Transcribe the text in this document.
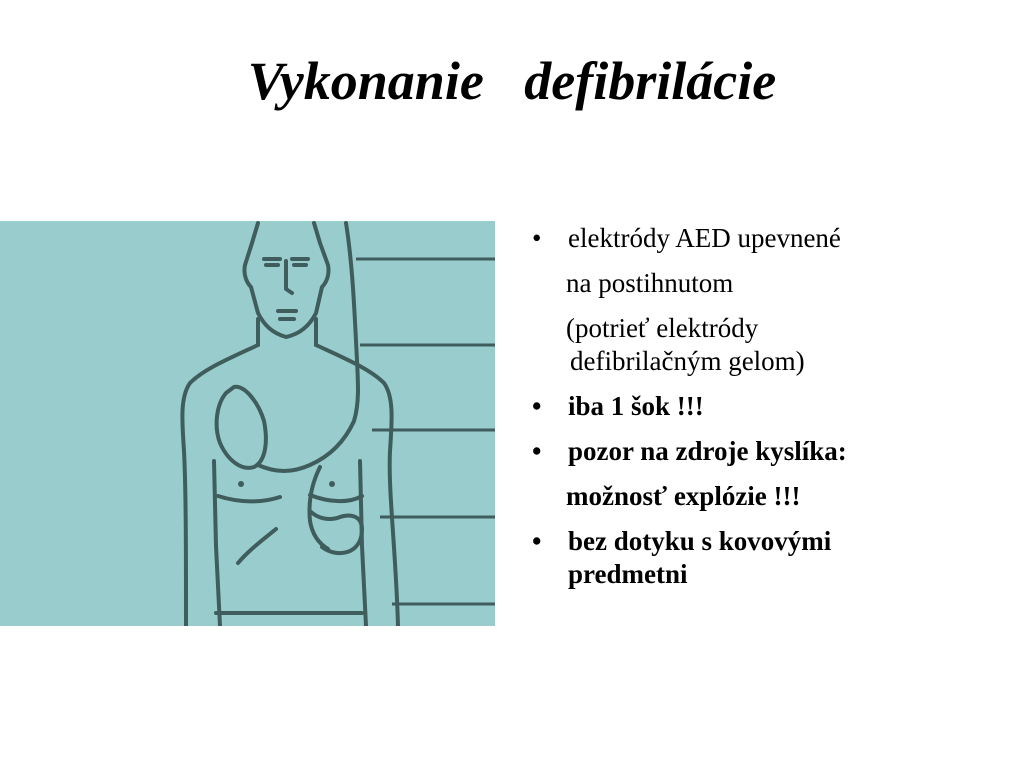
Vykonanie   defibrilácie
• elektródy AED upevnené
na postihnutom
(potrieť elektródy
defibrilačným gelom)
• iba 1 šok !!!
• pozor na zdroje kyslíka:
možnosť explózie !!!
• bez dotyku s kovovými predmetni
